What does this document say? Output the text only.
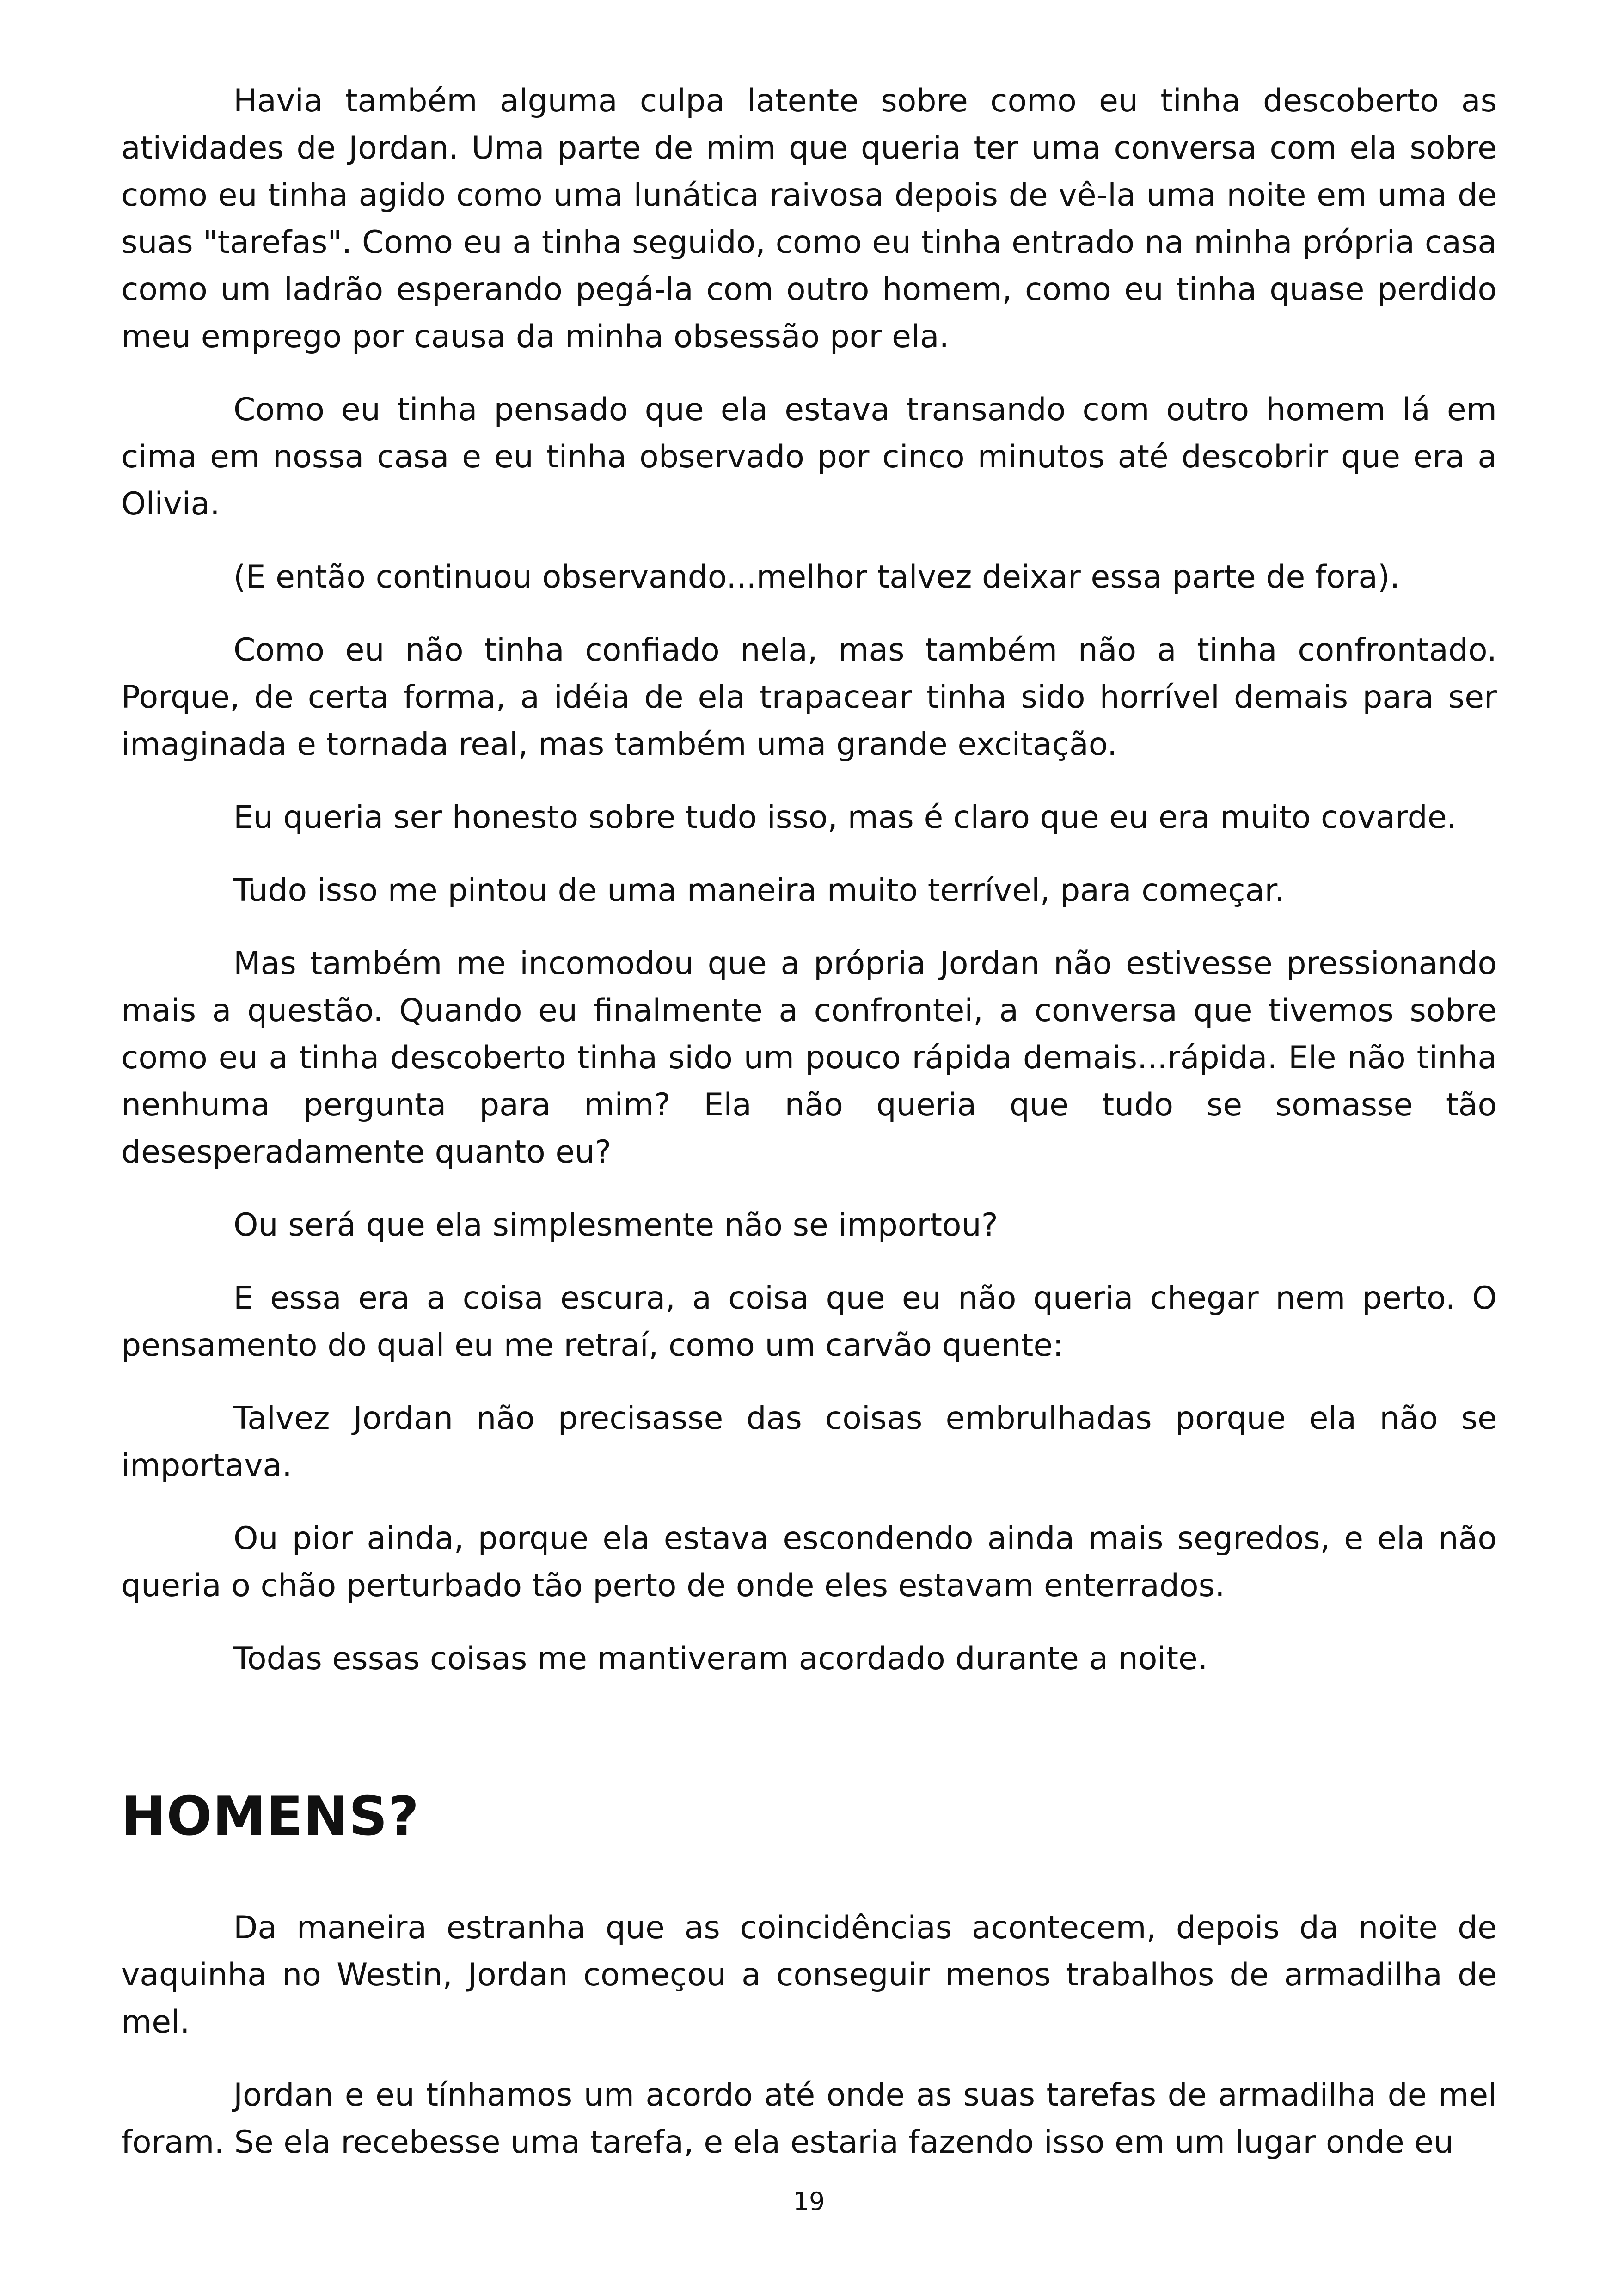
Havia também alguma culpa latente sobre como eu tinha descoberto as atividades de Jordan. Uma parte de mim que queria ter uma conversa com ela sobre como eu tinha agido como uma lunática raivosa depois de vê-la uma noite em uma de suas "tarefas". Como eu a tinha seguido, como eu tinha entrado na minha própria casa como um ladrão esperando pegá-la com outro homem, como eu tinha quase perdido meu emprego por causa da minha obsessão por ela.

Como eu tinha pensado que ela estava transando com outro homem lá em cima em nossa casa e eu tinha observado por cinco minutos até descobrir que era a Olivia.

(E então continuou observando...melhor talvez deixar essa parte de fora).

Como eu não tinha confiado nela, mas também não a tinha confrontado. Porque, de certa forma, a idéia de ela trapacear tinha sido horrível demais para ser imaginada e tornada real, mas também uma grande excitação.

Eu queria ser honesto sobre tudo isso, mas é claro que eu era muito covarde.

Tudo isso me pintou de uma maneira muito terrível, para começar.

Mas também me incomodou que a própria Jordan não estivesse pressionando mais a questão. Quando eu finalmente a confrontei, a conversa que tivemos sobre como eu a tinha descoberto tinha sido um pouco rápida demais...rápida. Ele não tinha nenhuma pergunta para mim? Ela não queria que tudo se somasse tão desesperadamente quanto eu?

Ou será que ela simplesmente não se importou?

E essa era a coisa escura, a coisa que eu não queria chegar nem perto. O pensamento do qual eu me retraí, como um carvão quente:

Talvez Jordan não precisasse das coisas embrulhadas porque ela não se importava.

Ou pior ainda, porque ela estava escondendo ainda mais segredos, e ela não queria o chão perturbado tão perto de onde eles estavam enterrados.

Todas essas coisas me mantiveram acordado durante a noite.

HOMENS?

Da maneira estranha que as coincidências acontecem, depois da noite de vaquinha no Westin, Jordan começou a conseguir menos trabalhos de armadilha de mel.

Jordan e eu tínhamos um acordo até onde as suas tarefas de armadilha de mel foram. Se ela recebesse uma tarefa, e ela estaria fazendo isso em um lugar onde eu

19
